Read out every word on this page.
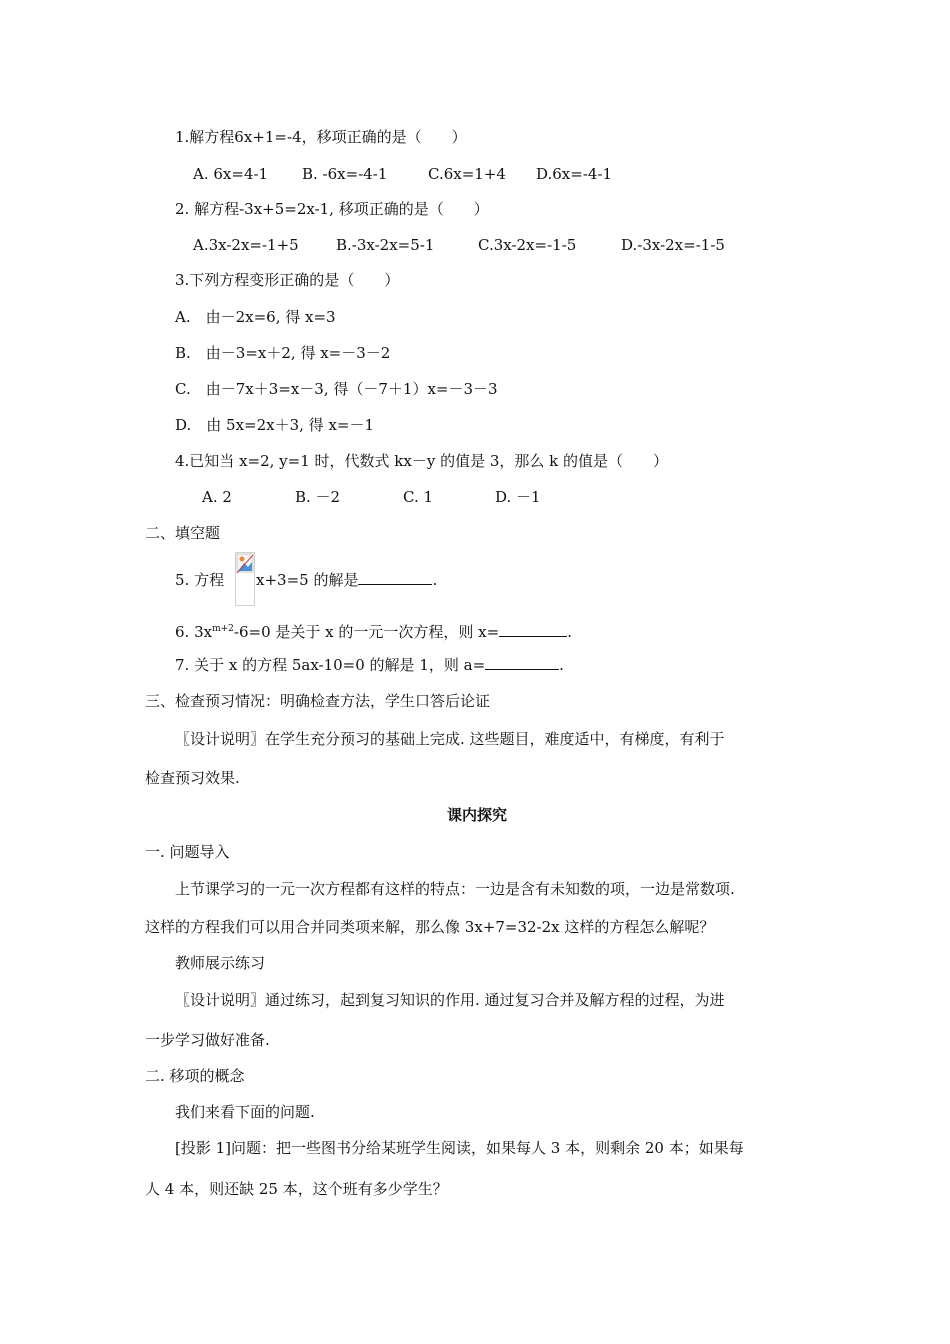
1.解方程6x+1=-4，移项正确的是（　　）
A. 6x=4-1 B. -6x=-4-1	C.6x=1+4 D.6x=-4-1
2. 解方程-3x+5=2x-1, 移项正确的是（　　）
A.3x-2x=-1+5 B.-3x-2x=5-1	C.3x-2x=-1-5	D.-3x-2x=-1-5
3.下列方程变形正确的是（　　）
A.　由－2x=6, 得 x=3
B.　由－3=x＋2, 得 x=－3－2
C.　由－7x＋3=x－3, 得（－7＋1）x=－3－3
D.　由 5x=2x＋3, 得 x=－1
4.已知当 x=2, y=1 时，代数式 kx－y 的值是 3，那么 k 的值是（　　）
A. 2	B. －2	C. 1	D. －1
二、填空题
5. 方程 x+3=5 的解是	.
6. $3x^{m+2}-6=0$ 是关于 x 的一元一次方程，则 x=	.
7. 关于 x 的方程 5ax-10=0 的解是 1，则 a=	.
三、检查预习情况：明确检查方法，学生口答后论证
〖设计说明〗在学生充分预习的基础上完成. 这些题目，难度适中，有梯度，有利于
检查预习效果.
课内探究
一. 问题导入
上节课学习的一元一次方程都有这样的特点：一边是含有未知数的项，一边是常数项.
这样的方程我们可以用合并同类项来解，那么像 3x+7=32-2x 这样的方程怎么解呢？
教师展示练习
〖设计说明〗通过练习，起到复习知识的作用. 通过复习合并及解方程的过程，为进
一步学习做好准备.
二. 移项的概念
我们来看下面的问题.
[投影 1]问题：把一些图书分给某班学生阅读，如果每人 3 本，则剩余 20 本；如果每
人 4 本，则还缺 25 本，这个班有多少学生？
